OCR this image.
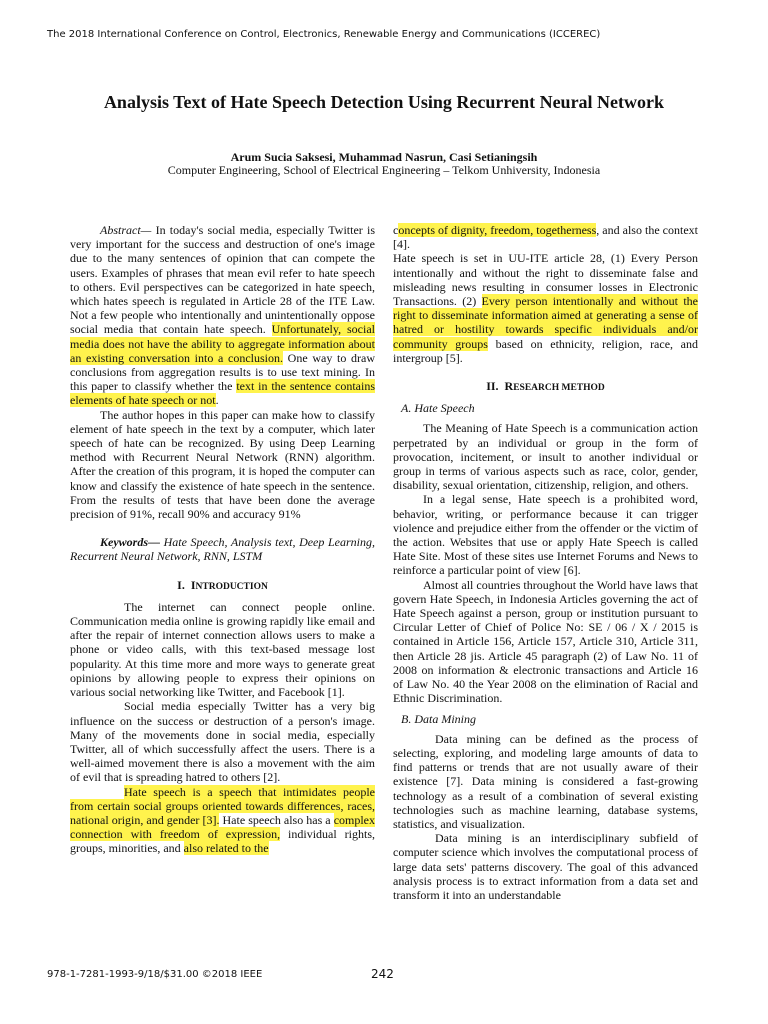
The 2018 International Conference on Control, Electronics, Renewable Energy and Communications (ICCEREC)
Analysis Text of Hate Speech Detection Using Recurrent Neural Network
Arum Sucia Saksesi, Muhammad Nasrun, Casi Setianingsih
Computer Engineering, School of Electrical Engineering – Telkom Unhiversity, Indonesia

Abstract— In today's social media, especially Twitter is very important for the success and destruction of one's image due to the many sentences of opinion that can compete the users. Examples of phrases that mean evil refer to hate speech to others. Evil perspectives can be categorized in hate speech, which hates speech is regulated in Article 28 of the ITE Law. Not a few people who intentionally and unintentionally oppose social media that contain hate speech. Unfortunately, social media does not have the ability to aggregate information about an existing conversation into a conclusion. One way to draw conclusions from aggregation results is to use text mining. In this paper to classify whether the text in the sentence contains elements of hate speech or not.

The author hopes in this paper can make how to classify element of hate speech in the text by a computer, which later speech of hate can be recognized. By using Deep Learning method with Recurrent Neural Network (RNN) algorithm. After the creation of this program, it is hoped the computer can know and classify the existence of hate speech in the sentence. From the results of tests that have been done the average precision of 91%, recall 90% and accuracy 91%

Keywords— Hate Speech, Analysis text, Deep Learning, Recurrent Neural Network, RNN, LSTM

I. INTRODUCTION

The internet can connect people online. Communication media online is growing rapidly like email and after the repair of internet connection allows users to make a phone or video calls, with this text-based message lost popularity. At this time more and more ways to generate great opinions by allowing people to express their opinions on various social networking like Twitter, and Facebook [1].

Social media especially Twitter has a very big influence on the success or destruction of a person's image. Many of the movements done in social media, especially Twitter, all of which successfully affect the users. There is a well-aimed movement there is also a movement with the aim of evil that is spreading hatred to others [2].

Hate speech is a speech that intimidates people from certain social groups oriented towards differences, races, national origin, and gender [3]. Hate speech also has a complex connection with freedom of expression, individual rights, groups, minorities, and also related to the

concepts of dignity, freedom, togetherness, and also the context [4].

Hate speech is set in UU-ITE article 28, (1) Every Person intentionally and without the right to disseminate false and misleading news resulting in consumer losses in Electronic Transactions. (2) Every person intentionally and without the right to disseminate information aimed at generating a sense of hatred or hostility towards specific individuals and/or community groups based on ethnicity, religion, race, and intergroup [5].

II. RESEARCH METHOD

A. Hate Speech

The Meaning of Hate Speech is a communication action perpetrated by an individual or group in the form of provocation, incitement, or insult to another individual or group in terms of various aspects such as race, color, gender, disability, sexual orientation, citizenship, religion, and others.

In a legal sense, Hate speech is a prohibited word, behavior, writing, or performance because it can trigger violence and prejudice either from the offender or the victim of the action. Websites that use or apply Hate Speech is called Hate Site. Most of these sites use Internet Forums and News to reinforce a particular point of view [6].

Almost all countries throughout the World have laws that govern Hate Speech, in Indonesia Articles governing the act of Hate Speech against a person, group or institution pursuant to Circular Letter of Chief of Police No: SE / 06 / X / 2015 is contained in Article 156, Article 157, Article 310, Article 311, then Article 28 jis. Article 45 paragraph (2) of Law No. 11 of 2008 on information & electronic transactions and Article 16 of Law No. 40 the Year 2008 on the elimination of Racial and Ethnic Discrimination.

B. Data Mining

Data mining can be defined as the process of selecting, exploring, and modeling large amounts of data to find patterns or trends that are not usually aware of their existence [7]. Data mining is considered a fast-growing technology as a result of a combination of several existing technologies such as machine learning, database systems, statistics, and visualization.

Data mining is an interdisciplinary subfield of computer science which involves the computational process of large data sets' patterns discovery. The goal of this advanced analysis process is to extract information from a data set and transform it into an understandable

978-1-7281-1993-9/18/$31.00 ©2018 IEEE	242
